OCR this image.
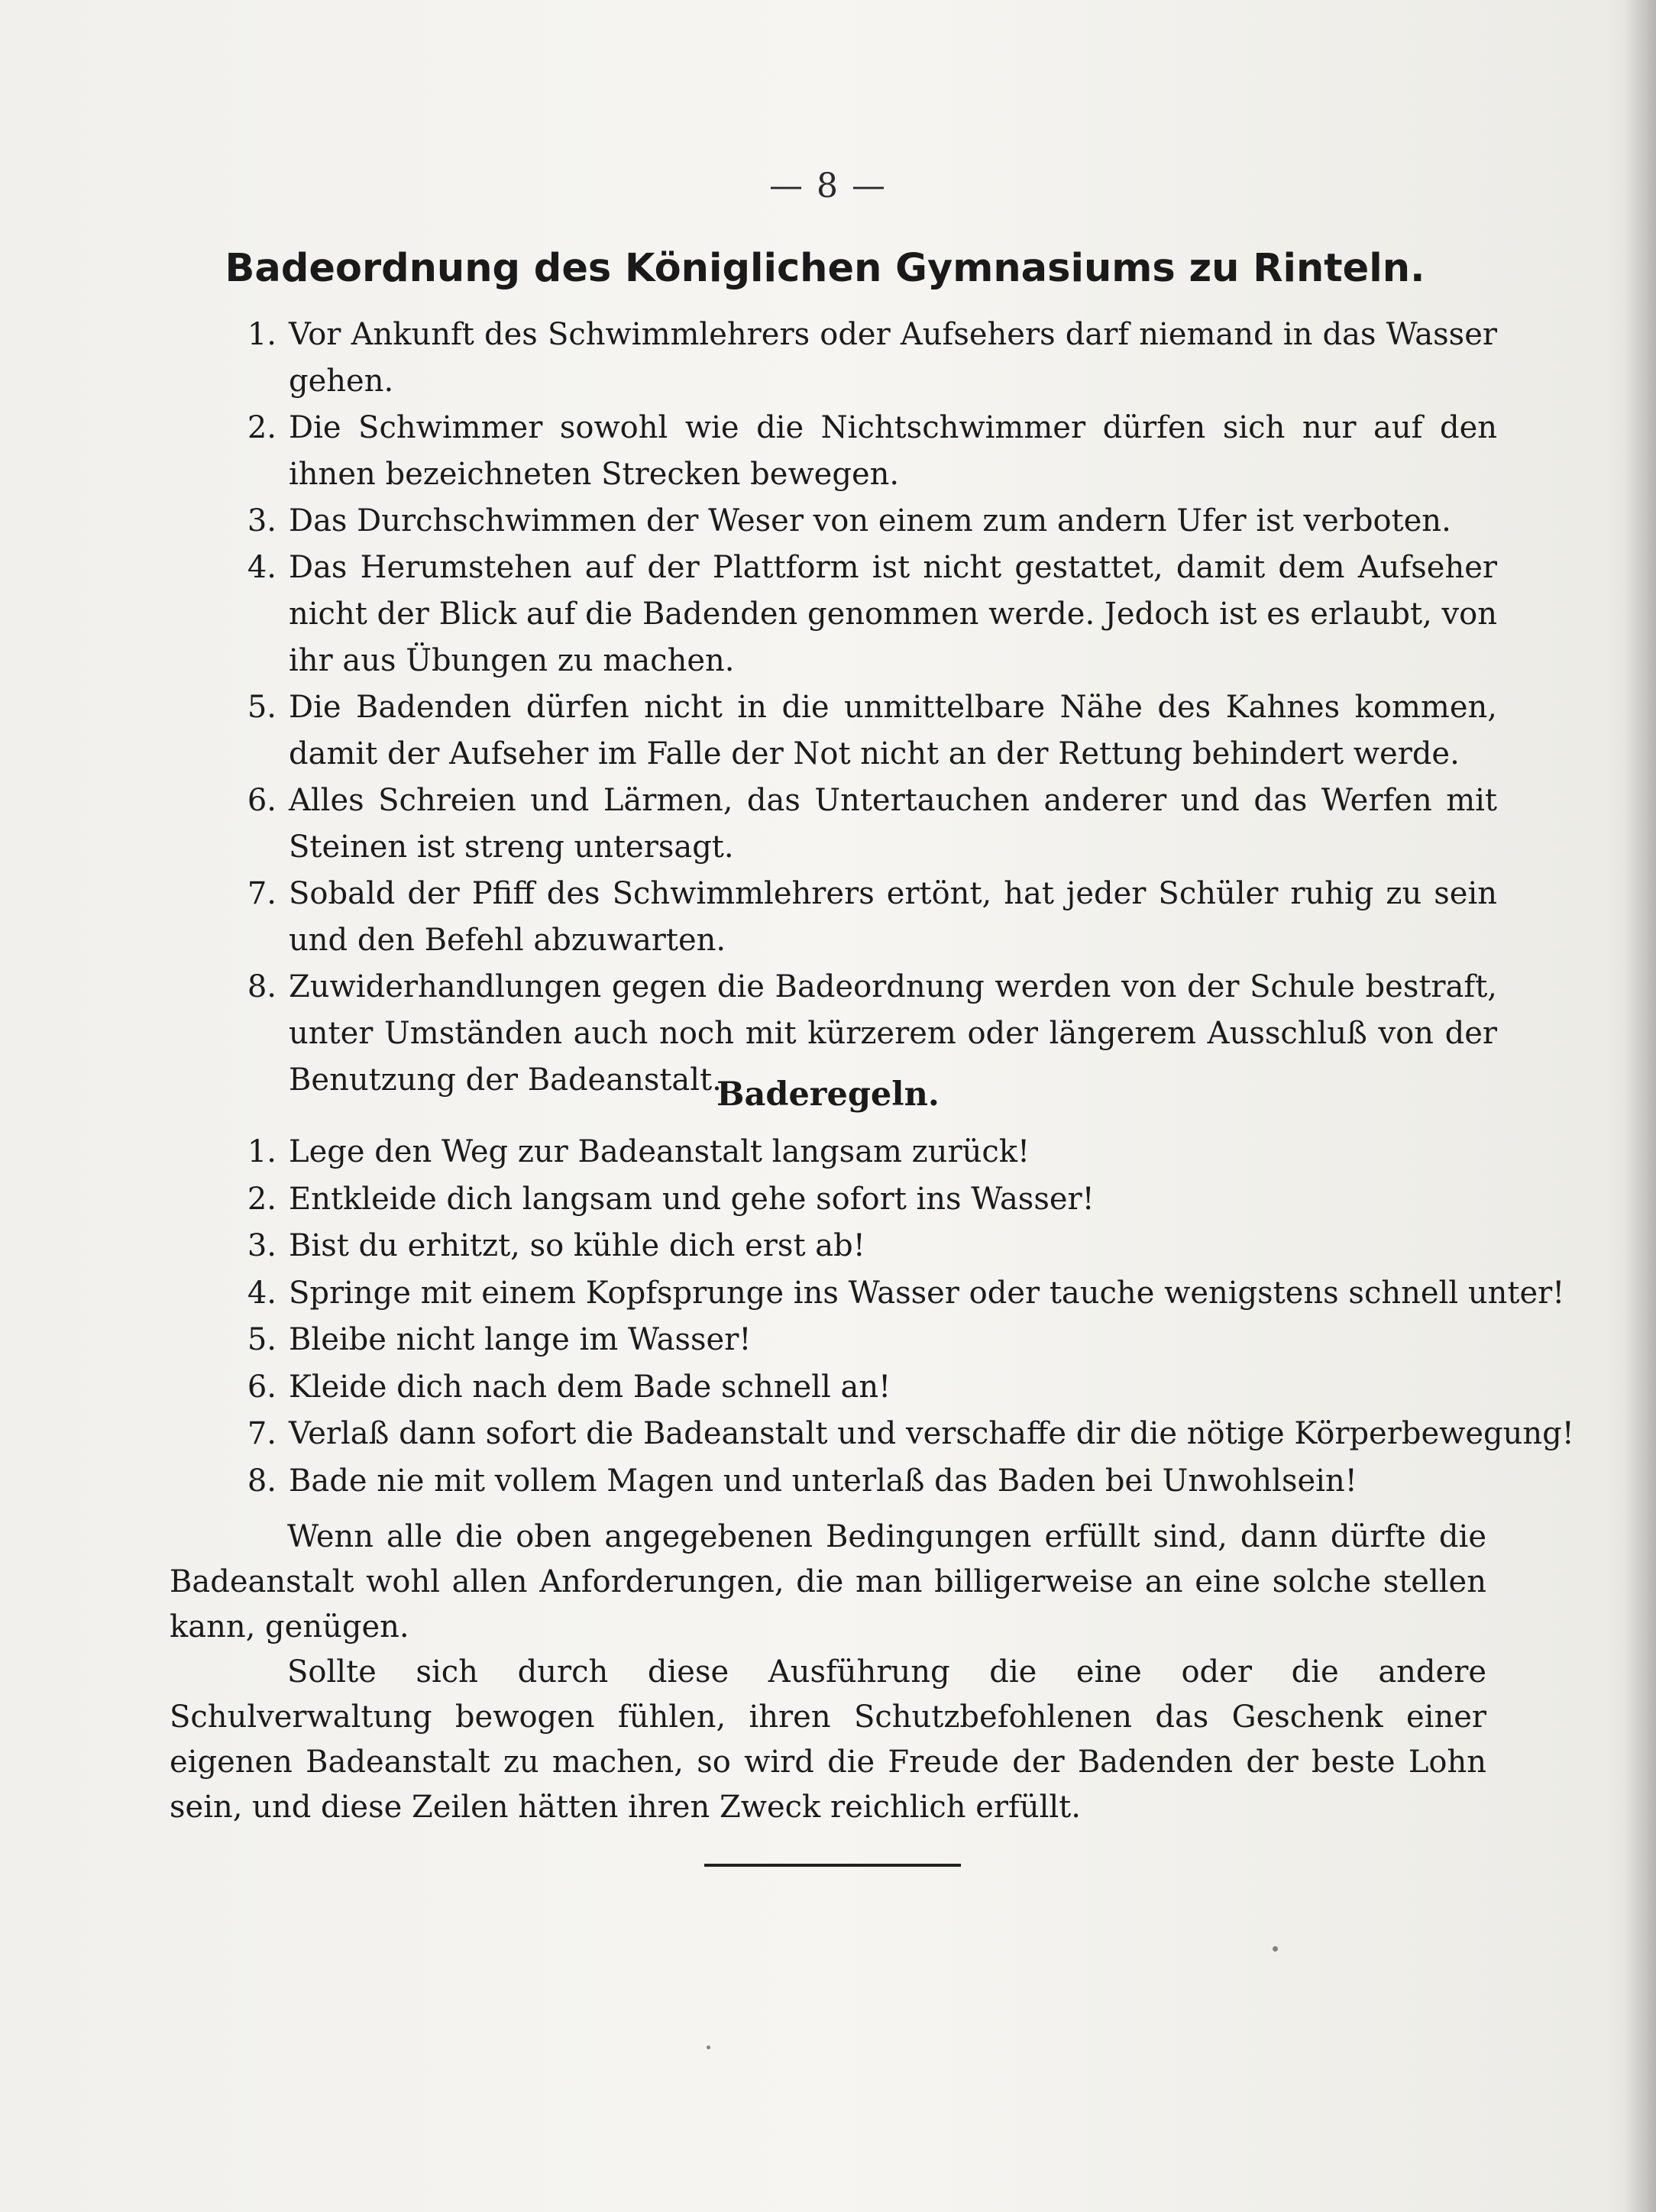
— 8 —
Badeordnung des Königlichen Gymnasiums zu Rinteln.
1. Vor Ankunft des Schwimmlehrers oder Aufsehers darf niemand in das Wasser gehen.
2. Die Schwimmer sowohl wie die Nichtschwimmer dürfen sich nur auf den ihnen bezeichneten Strecken bewegen.
3. Das Durchschwimmen der Weser von einem zum andern Ufer ist verboten.
4. Das Herumstehen auf der Plattform ist nicht gestattet, damit dem Aufseher nicht der Blick auf die Badenden genommen werde. Jedoch ist es erlaubt, von ihr aus Übungen zu machen.
5. Die Badenden dürfen nicht in die unmittelbare Nähe des Kahnes kommen, damit der Aufseher im Falle der Not nicht an der Rettung behindert werde.
6. Alles Schreien und Lärmen, das Untertauchen anderer und das Werfen mit Steinen ist streng untersagt.
7. Sobald der Pfiff des Schwimmlehrers ertönt, hat jeder Schüler ruhig zu sein und den Befehl abzuwarten.
8. Zuwiderhandlungen gegen die Badeordnung werden von der Schule bestraft, unter Umständen auch noch mit kürzerem oder längerem Ausschluß von der Benutzung der Badeanstalt.
Baderegeln.
1. Lege den Weg zur Badeanstalt langsam zurück!
2. Entkleide dich langsam und gehe sofort ins Wasser!
3. Bist du erhitzt, so kühle dich erst ab!
4. Springe mit einem Kopfsprunge ins Wasser oder tauche wenigstens schnell unter!
5. Bleibe nicht lange im Wasser!
6. Kleide dich nach dem Bade schnell an!
7. Verlaß dann sofort die Badeanstalt und verschaffe dir die nötige Körperbewegung!
8. Bade nie mit vollem Magen und unterlaß das Baden bei Unwohlsein!

Wenn alle die oben angegebenen Bedingungen erfüllt sind, dann dürfte die Badeanstalt wohl allen Anforderungen, die man billigerweise an eine solche stellen kann, genügen.

Sollte sich durch diese Ausführung die eine oder die andere Schulverwaltung bewogen fühlen, ihren Schutzbefohlenen das Geschenk einer eigenen Badeanstalt zu machen, so wird die Freude der Badenden der beste Lohn sein, und diese Zeilen hätten ihren Zweck reichlich erfüllt.
